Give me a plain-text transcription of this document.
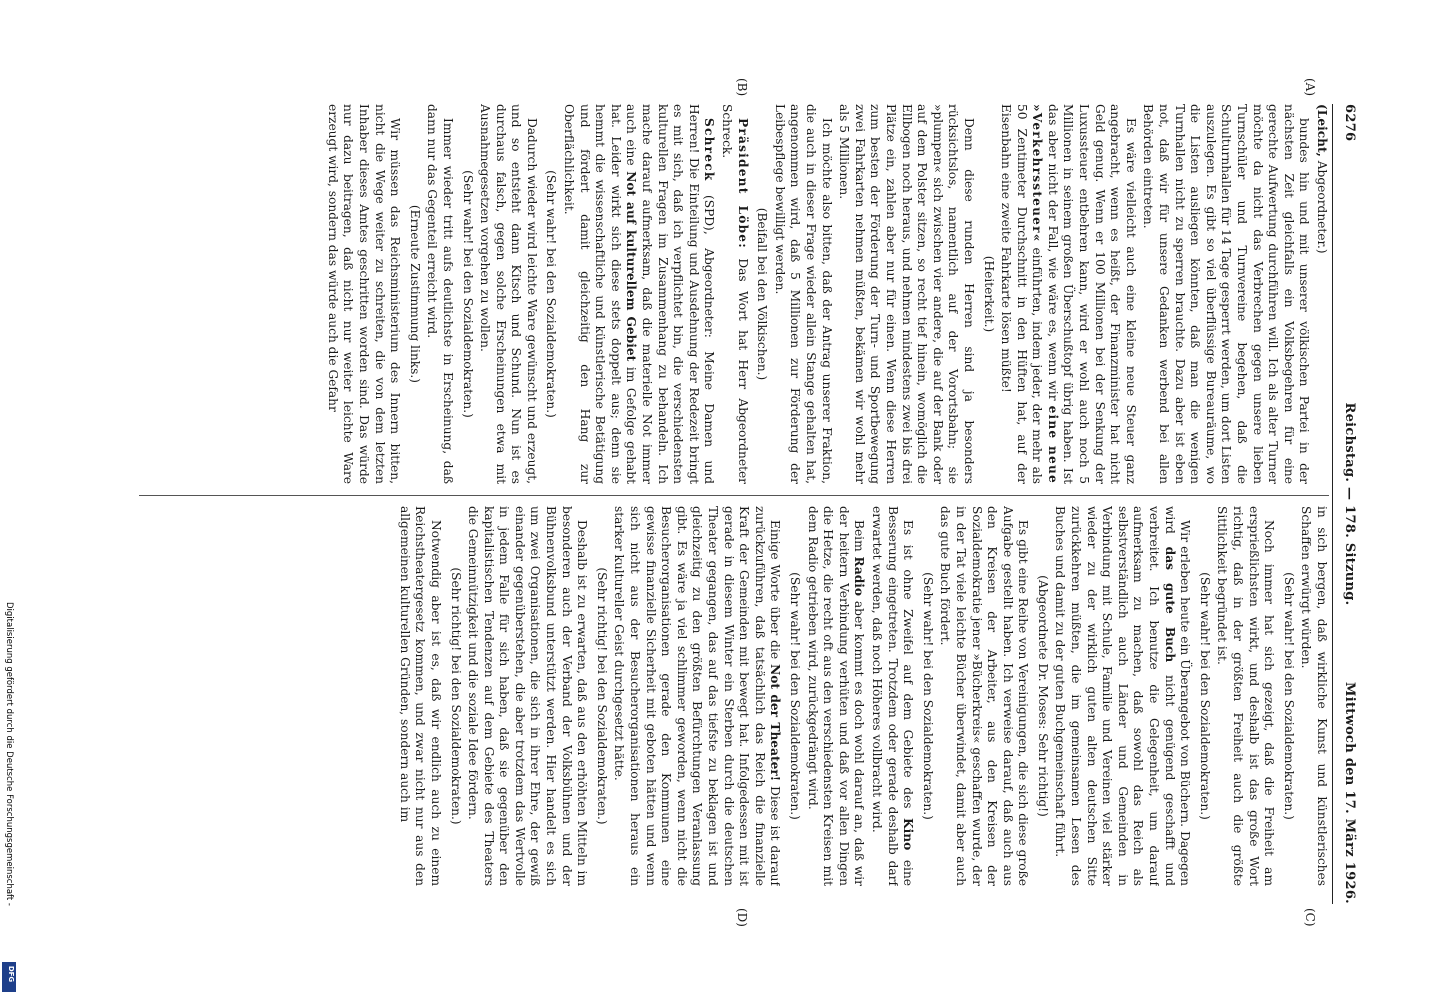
Digitalisierung gefördert durch die Deutsche Forschungsgemeinschaft -
DFG
6276
Reichstag. — 178. Sitzung.
Mittwoch den 17. März 1926.
(A)
(B)
(C)
(D)

(Leicht, Abgeordneter.)

bundes hin und mit unserer völkischen Partei in der nächsten Zeit gleichfalls ein Volksbegehren für eine gerechte Aufwertung durchführen will. Ich als alter Turner möchte da nicht das Verbrechen gegen unsere lieben Turnschüler und Turnvereine begehen, daß die Schulturnhallen für 14 Tage gesperrt werden, um dort Listen auszulegen. Es gibt so viel überflüssige Bureauräume, wo die Listen ausliegen könnten, daß man die wenigen Turnhallen nicht zu sperren brauchte. Dazu aber ist eben not, daß wir für unsere Gedanken werbend bei allen Behörden eintreten.

Es wäre vielleicht auch eine kleine neue Steuer ganz angebracht, wenn es heißt, der Finanzminister hat nicht Geld genug. Wenn er 100 Millionen bei der Senkung der Luxussteuer entbehren kann, wird er wohl auch noch 5 Millionen in seinem großen Überschußtopf übrig haben. Ist das aber nicht der Fall, wie wäre es, wenn wir eine neue »Verkehrssteuer« einführten, indem jeder, der mehr als 50 Zentimeter Durchschnitt in den Hüften hat, auf der Eisenbahn eine zweite Fahrkarte lösen müßte!

(Heiterkeit.)

Denn diese runden Herren sind ja besonders rücksichtslos, namentlich auf der Vorortsbahn; sie »plumpen« sich zwischen vier andere, die auf der Bank oder auf dem Polster sitzen, so recht tief hinein, womöglich die Ellbogen noch heraus, und nehmen mindestens zwei bis drei Plätze ein, zahlen aber nur für einen. Wenn diese Herren zum besten der Förderung der Turn- und Sportbewegung zwei Fahrkarten nehmen müßten, bekämen wir wohl mehr als 5 Millionen.

Ich möchte also bitten, daß der Antrag unserer Fraktion, die auch in dieser Frage wieder allein Stange gehalten hat, angenommen wird, daß 5 Millionen zur Förderung der Leibespflege bewilligt werden.

(Beifall bei den Völkischen.)

Präsident Löbe: Das Wort hat Herr Abgeordneter Schreck.

Schreck (SPD), Abgeordneter: Meine Damen und Herren! Die Einteilung und Ausdehnung der Redezeit bringt es mit sich, daß ich verpflichtet bin, die verschiedensten kulturellen Fragen im Zusammenhang zu behandeln. Ich mache darauf aufmerksam, daß die materielle Not immer auch eine Not auf kulturellem Gebiet im Gefolge gehabt hat. Leider wirkt sich diese stets doppelt aus; denn sie hemmt die wissenschaftliche und künstlerische Betätigung und fördert damit gleichzeitig den Hang zur Oberflächlichkeit.

(Sehr wahr! bei den Sozialdemokraten.)

Dadurch wieder wird leichte Ware gewünscht und erzeugt, und so entsteht dann Kitsch und Schund. Nun ist es durchaus falsch, gegen solche Erscheinungen etwa mit Ausnahmegesetzen vorgehen zu wollen.

(Sehr wahr! bei den Sozialdemokraten.)

Immer wieder tritt aufs deutlichste in Erscheinung, daß dann nur das Gegenteil erreicht wird.

(Erneute Zustimmung links.)

Wir müssen das Reichsministerium des Innern bitten, nicht die Wege weiter zu schreiten, die von dem letzten Inhaber dieses Amtes geschritten worden sind. Das würde nur dazu beitragen, daß nicht nur weiter leichte Ware erzeugt wird, sondern das würde auch die Gefahr

in sich bergen, daß wirkliche Kunst und künstlerisches Schaffen erwürgt würden.

(Sehr wahr! bei den Sozialdemokraten.)

Noch immer hat sich gezeigt, daß die Freiheit am ersprießlichsten wirkt, und deshalb ist das große Wort richtig, daß in der größten Freiheit auch die größte Sittlichkeit begründet ist.

(Sehr wahr! bei den Sozialdemokraten.)

Wir erleben heute ein Überangebot von Büchern. Dagegen wird das gute Buch nicht genügend geschafft und verbreitet. Ich benutze die Gelegenheit, um darauf aufmerksam zu machen, daß sowohl das Reich als selbstverständlich auch Länder und Gemeinden in Verbindung mit Schule, Familie und Vereinen viel stärker wieder zu der wirklich guten alten deutschen Sitte zurückkehren müßten, die im gemeinsamen Lesen des Buches und damit zu der guten Buchgemeinschaft führt.

(Abgeordnete Dr. Moses: Sehr richtig!)

Es gibt eine Reihe von Vereinigungen, die sich diese große Aufgabe gestellt haben. Ich verweise darauf, daß auch aus den Kreisen der Arbeiter, aus den Kreisen der Sozialdemokratie jener »Bücherkreis« geschaffen wurde, der in der Tat viele leichte Bücher überwindet, damit aber auch das gute Buch fördert.

(Sehr wahr! bei den Sozialdemokraten.)

Es ist ohne Zweifel auf dem Gebiete des Kino eine Besserung eingetreten. Trotzdem oder gerade deshalb darf erwartet werden, daß noch Höheres vollbracht wird.

Beim Radio aber kommt es doch wohl darauf an, daß wir der heitern Verbindung verhüten und daß vor allen Dingen die Hetze, die recht oft aus den verschiedensten Kreisen mit dem Radio getrieben wird, zurückgedrängt wird.

(Sehr wahr! bei den Sozialdemokraten.)

Einige Worte über die Not der Theater! Diese ist darauf zurückzuführen, daß tatsächlich das Reich die finanzielle Kraft der Gemeinden mit bewegt hat. Infolgedessen mit ist gerade in diesem Winter ein Sterben durch die deutschen Theater gegangen, das auf das tiefste zu beklagen ist und gleichzeitig zu den größten Befürchtungen Veranlassung gibt. Es wäre ja viel schlimmer geworden, wenn nicht die Besucherorganisationen gerade den Kommunen eine gewisse finanzielle Sicherheit mit geboten hätten und wenn sich nicht aus der Besucherorganisationen heraus ein starker kultureller Geist durchgesetzt hätte.

(Sehr richtig! bei den Sozialdemokraten.)

Deshalb ist zu erwarten, daß aus den erhöhten Mitteln im besonderen auch der Verband der Volksbühnen und der Bühnenvolksbund unterstützt werden. Hier handelt es sich um zwei Organisationen, die sich in ihrer Ehre, der gewiß einander gegenüberstehen, die aber trotzdem das Wertvolle in jedem Falle für sich haben, daß sie gegenüber den kapitalistischen Tendenzen auf dem Gebiete des Theaters die Gemeinnützigkeit und die soziale Idee fördern.

(Sehr richtig! bei den Sozialdemokraten.)

Notwendig aber ist es, daß wir endlich auch zu einem Reichstheatergesetz kommen, und zwar nicht nur aus den allgemeinen kulturellen Gründen, sondern auch im
